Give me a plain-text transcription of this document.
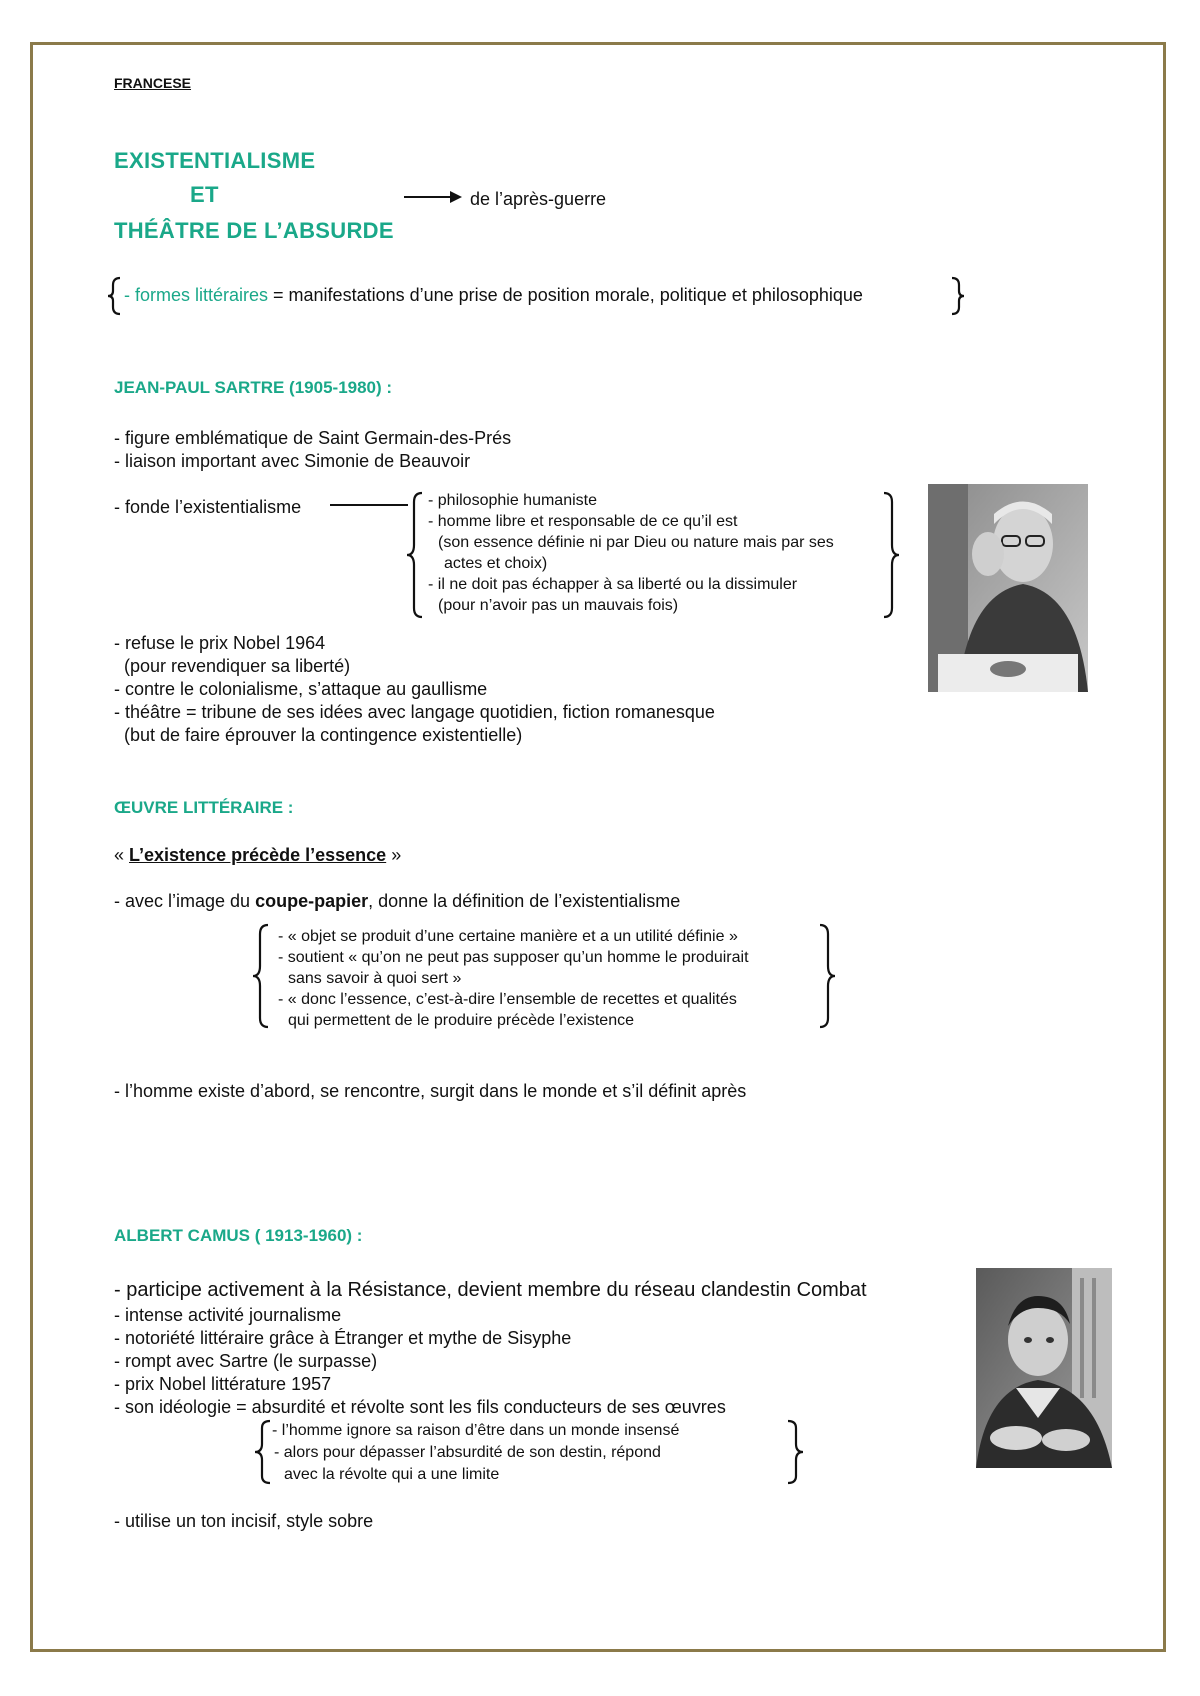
FRANCESE
EXISTENTIALISME
ET
THÉÂTRE DE L’ABSURDE
de l’après-guerre
- formes littéraires = manifestations d’une prise de position morale, politique et philosophique
JEAN-PAUL SARTRE (1905-1980) :
- figure emblématique de Saint Germain-des-Prés
- liaison important avec Simonie de Beauvoir
- fonde l’existentialisme	- philosophie humaniste
- homme libre et responsable de ce qu’il est
(son essence définie ni par Dieu ou nature mais par ses
actes et choix)
- il ne doit pas échapper à sa liberté ou la dissimuler
(pour n’avoir pas un mauvais fois)
- refuse le prix Nobel 1964
(pour revendiquer sa liberté)
- contre le colonialisme, s’attaque au gaullisme
- théâtre = tribune de ses idées avec langage quotidien, fiction romanesque
(but de faire éprouver la contingence existentielle)
ŒUVRE LITTÉRAIRE :
« L’existence précède l’essence »
- avec l’image du coupe-papier, donne la définition de l’existentialisme
- « objet se produit d’une certaine manière et a un utilité définie »
- soutient « qu’on ne peut pas supposer qu’un homme le produirait
sans savoir à quoi sert »
- « donc l’essence, c’est-à-dire l’ensemble de recettes et qualités
qui permettent de le produire précède l’existence
- l’homme existe d’abord, se rencontre, surgit dans le monde et s’il définit après
ALBERT CAMUS ( 1913-1960) :
- participe activement à la Résistance, devient membre du réseau clandestin Combat
- intense activité journalisme
- notoriété littéraire grâce à Étranger et mythe de Sisyphe
- rompt avec Sartre (le surpasse)
- prix Nobel littérature 1957
- son idéologie = absurdité et révolte sont les fils conducteurs de ses œuvres
- l’homme ignore sa raison d’être dans un monde insensé
- alors pour dépasser l’absurdité de son destin, répond
avec la révolte qui a une limite
- utilise un ton incisif, style sobre
